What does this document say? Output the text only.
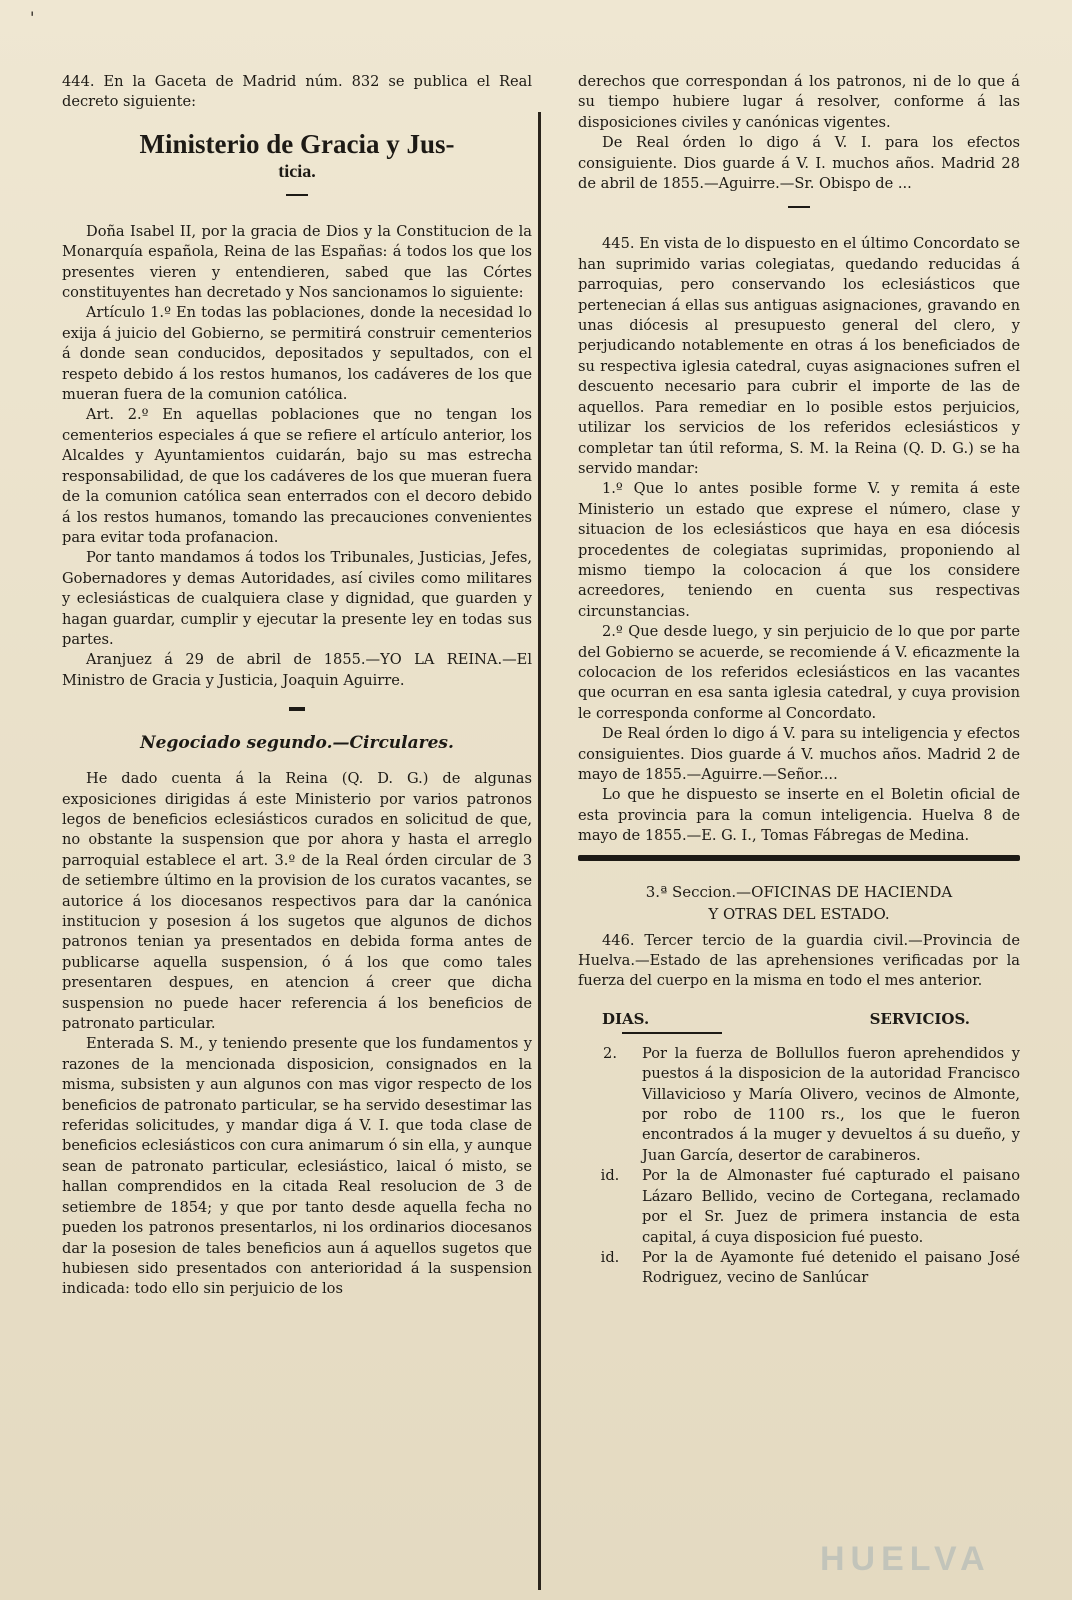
'

444. En la Gaceta de Madrid núm. 832 se publica el Real decreto siguiente:

Ministerio de Gracia y Jus-
ticia.

Doña Isabel II, por la gracia de Dios y la Constitucion de la Monarquía española, Reina de las Españas: á todos los que los presentes vieren y entendieren, sabed que las Córtes constituyentes han decretado y Nos sancionamos lo siguiente:

Artículo 1.º En todas las poblaciones, donde la necesidad lo exija á juicio del Gobierno, se permitirá construir cementerios á donde sean conducidos, depositados y sepultados, con el respeto debido á los restos humanos, los cadáveres de los que mueran fuera de la comunion católica.

Art. 2.º En aquellas poblaciones que no tengan los cementerios especiales á que se refiere el artículo anterior, los Alcaldes y Ayuntamientos cuidarán, bajo su mas estrecha responsabilidad, de que los cadáveres de los que mueran fuera de la comunion católica sean enterrados con el decoro debido á los restos humanos, tomando las precauciones convenientes para evitar toda profanacion.

Por tanto mandamos á todos los Tribunales, Justicias, Jefes, Gobernadores y demas Autoridades, así civiles como militares y eclesiásticas de cualquiera clase y dignidad, que guarden y hagan guardar, cumplir y ejecutar la presente ley en todas sus partes.

Aranjuez á 29 de abril de 1855.—YO LA REINA.—El Ministro de Gracia y Justicia, Joaquin Aguirre.

Negociado segundo.—Circulares.

He dado cuenta á la Reina (Q. D. G.) de algunas exposiciones dirigidas á este Ministerio por varios patronos legos de beneficios eclesiásticos curados en solicitud de que, no obstante la suspension que por ahora y hasta el arreglo parroquial establece el art. 3.º de la Real órden circular de 3 de setiembre último en la provision de los curatos vacantes, se autorice á los diocesanos respectivos para dar la canónica institucion y posesion á los sugetos que algunos de dichos patronos tenian ya presentados en debida forma antes de publicarse aquella suspension, ó á los que como tales presentaren despues, en atencion á creer que dicha suspension no puede hacer referencia á los beneficios de patronato particular.

Enterada S. M., y teniendo presente que los fundamentos y razones de la mencionada disposicion, consignados en la misma, subsisten y aun algunos con mas vigor respecto de los beneficios de patronato particular, se ha servido desestimar las referidas solicitudes, y mandar diga á V. I. que toda clase de beneficios eclesiásticos con cura animarum ó sin ella, y aunque sean de patronato particular, eclesiástico, laical ó misto, se hallan comprendidos en la citada Real resolucion de 3 de setiembre de 1854; y que por tanto desde aquella fecha no pueden los patronos presentarlos, ni los ordinarios diocesanos dar la posesion de tales beneficios aun á aquellos sugetos que hubiesen sido presentados con anterioridad á la suspension indicada: todo ello sin perjuicio de los

derechos que correspondan á los patronos, ni de lo que á su tiempo hubiere lugar á resolver, conforme á las disposiciones civiles y canónicas vigentes.

De Real órden lo digo á V. I. para los efectos consiguiente. Dios guarde á V. I. muchos años. Madrid 28 de abril de 1855.—Aguirre.—Sr. Obispo de ...

445. En vista de lo dispuesto en el último Concordato se han suprimido varias colegiatas, quedando reducidas á parroquias, pero conservando los eclesiásticos que pertenecian á ellas sus antiguas asignaciones, gravando en unas diócesis al presupuesto general del clero, y perjudicando notablemente en otras á los beneficiados de su respectiva iglesia catedral, cuyas asignaciones sufren el descuento necesario para cubrir el importe de las de aquellos. Para remediar en lo posible estos perjuicios, utilizar los servicios de los referidos eclesiásticos y completar tan útil reforma, S. M. la Reina (Q. D. G.) se ha servido mandar:

1.º Que lo antes posible forme V. y remita á este Ministerio un estado que exprese el número, clase y situacion de los eclesiásticos que haya en esa diócesis procedentes de colegiatas suprimidas, proponiendo al mismo tiempo la colocacion á que los considere acreedores, teniendo en cuenta sus respectivas circunstancias.

2.º Que desde luego, y sin perjuicio de lo que por parte del Gobierno se acuerde, se recomiende á V. eficazmente la colocacion de los referidos eclesiásticos en las vacantes que ocurran en esa santa iglesia catedral, y cuya provision le corresponda conforme al Concordato.

De Real órden lo digo á V. para su inteligencia y efectos consiguientes. Dios guarde á V. muchos años. Madrid 2 de mayo de 1855.—Aguirre.—Señor....

Lo que he dispuesto se inserte en el Boletin oficial de esta provincia para la comun inteligencia. Huelva 8 de mayo de 1855.—E. G. I., Tomas Fábregas de Medina.

3.ª Seccion.—OFICINAS DE HACIENDA

Y OTRAS DEL ESTADO.

446. Tercer tercio de la guardia civil.—Provincia de Huelva.—Estado de las aprehensiones verificadas por la fuerza del cuerpo en la misma en todo el mes anterior.

DIAS.	SERVICIOS.
2.	Por la fuerza de Bollullos fueron aprehendidos y puestos á la disposicion de la autoridad Francisco Villavicioso y María Olivero, vecinos de Almonte, por robo de 1100 rs., los que le fueron encontrados á la muger y devueltos á su dueño, y Juan García, desertor de carabineros.

id.	Por la de Almonaster fué capturado el paisano Lázaro Bellido, vecino de Cortegana, reclamado por el Sr. Juez de primera instancia de esta capital, á cuya disposicion fué puesto.

id.	Por la de Ayamonte fué detenido el paisano José Rodriguez, vecino de Sanlúcar

HUELVA
